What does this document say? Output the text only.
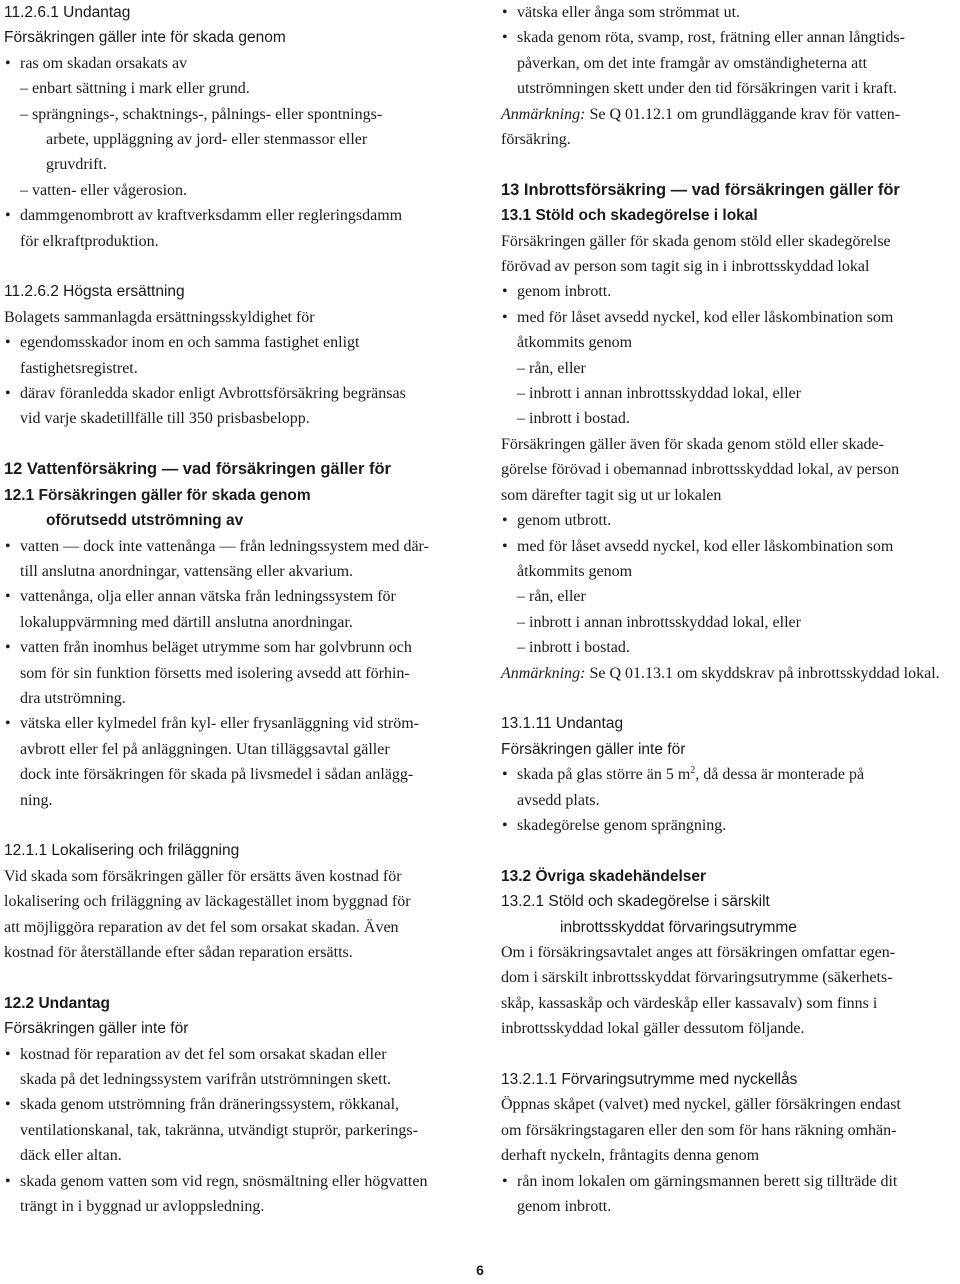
11.2.6.1 Undantag
Försäkringen gäller inte för skada genom
• ras om skadan orsakats av
– enbart sättning i mark eller grund.
– sprängnings-, schaktnings-, pålnings- eller spontnings-
arbete, uppläggning av jord- eller stenmassor eller
gruvdrift.
– vatten- eller vågerosion.
• dammgenombrott av kraftverksdamm eller regleringsdamm
för elkraftproduktion.
11.2.6.2 Högsta ersättning
Bolagets sammanlagda ersättningsskyldighet för
• egendomsskador inom en och samma fastighet enligt
fastighetsregistret.
• därav föranledda skador enligt Avbrottsförsäkring begränsas
vid varje skadetillfälle till 350 prisbasbelopp.
12 Vattenförsäkring — vad försäkringen gäller för
12.1 Försäkringen gäller för skada genom
oförutsedd utströmning av
• vatten — dock inte vattenånga — från ledningssystem med där-
till anslutna anordningar, vattensäng eller akvarium.
• vattenånga, olja eller annan vätska från ledningssystem för
lokaluppvärmning med därtill anslutna anordningar.
• vatten från inomhus beläget utrymme som har golvbrunn och
som för sin funktion försetts med isolering avsedd att förhin-
dra utströmning.
• vätska eller kylmedel från kyl- eller frysanläggning vid ström-
avbrott eller fel på anläggningen. Utan tilläggsavtal gäller
dock inte försäkringen för skada på livsmedel i sådan anlägg-
ning.
12.1.1 Lokalisering och friläggning
Vid skada som försäkringen gäller för ersätts även kostnad för
lokalisering och friläggning av läckagestället inom byggnad för
att möjliggöra reparation av det fel som orsakat skadan. Även
kostnad för återställande efter sådan reparation ersätts.
12.2 Undantag
Försäkringen gäller inte för
• kostnad för reparation av det fel som orsakat skadan eller
skada på det ledningssystem varifrån utströmningen skett.
• skada genom utströmning från dräneringssystem, rökkanal,
ventilationskanal, tak, takränna, utvändigt stuprör, parkerings-
däck eller altan.
• skada genom vatten som vid regn, snösmältning eller högvatten
trängt in i byggnad ur avloppsledning.
• vätska eller ånga som strömmat ut.
• skada genom röta, svamp, rost, frätning eller annan långtids-
påverkan, om det inte framgår av omständigheterna att
utströmningen skett under den tid försäkringen varit i kraft.
Anmärkning: Se Q 01.12.1 om grundläggande krav för vatten-
försäkring.
13 Inbrottsförsäkring — vad försäkringen gäller för
13.1 Stöld och skadegörelse i lokal
Försäkringen gäller för skada genom stöld eller skadegörelse
förövad av person som tagit sig in i inbrottsskyddad lokal
• genom inbrott.
• med för låset avsedd nyckel, kod eller låskombination som
åtkommits genom
– rån, eller
– inbrott i annan inbrottsskyddad lokal, eller
– inbrott i bostad.
Försäkringen gäller även för skada genom stöld eller skade-
görelse förövad i obemannad inbrottsskyddad lokal, av person
som därefter tagit sig ut ur lokalen
• genom utbrott.
• med för låset avsedd nyckel, kod eller låskombination som
åtkommits genom
– rån, eller
– inbrott i annan inbrottsskyddad lokal, eller
– inbrott i bostad.
Anmärkning: Se Q 01.13.1 om skyddskrav på inbrottsskyddad lokal.
13.1.11 Undantag
Försäkringen gäller inte för
• skada på glas större än 5 $m^2$, då dessa är monterade på
avsedd plats.
• skadegörelse genom sprängning.
13.2 Övriga skadehändelser
13.2.1 Stöld och skadegörelse i särskilt
inbrottsskyddat förvaringsutrymme
Om i försäkringsavtalet anges att försäkringen omfattar egen-
dom i särskilt inbrottsskyddat förvaringsutrymme (säkerhets-
skåp, kassaskåp och värdeskåp eller kassavalv) som finns i
inbrottsskyddad lokal gäller dessutom följande.
13.2.1.1 Förvaringsutrymme med nyckellås
Öppnas skåpet (valvet) med nyckel, gäller försäkringen endast
om försäkringstagaren eller den som för hans räkning omhän-
derhaft nyckeln, fråntagits denna genom
• rån inom lokalen om gärningsmannen berett sig tillträde dit
genom inbrott.
6
